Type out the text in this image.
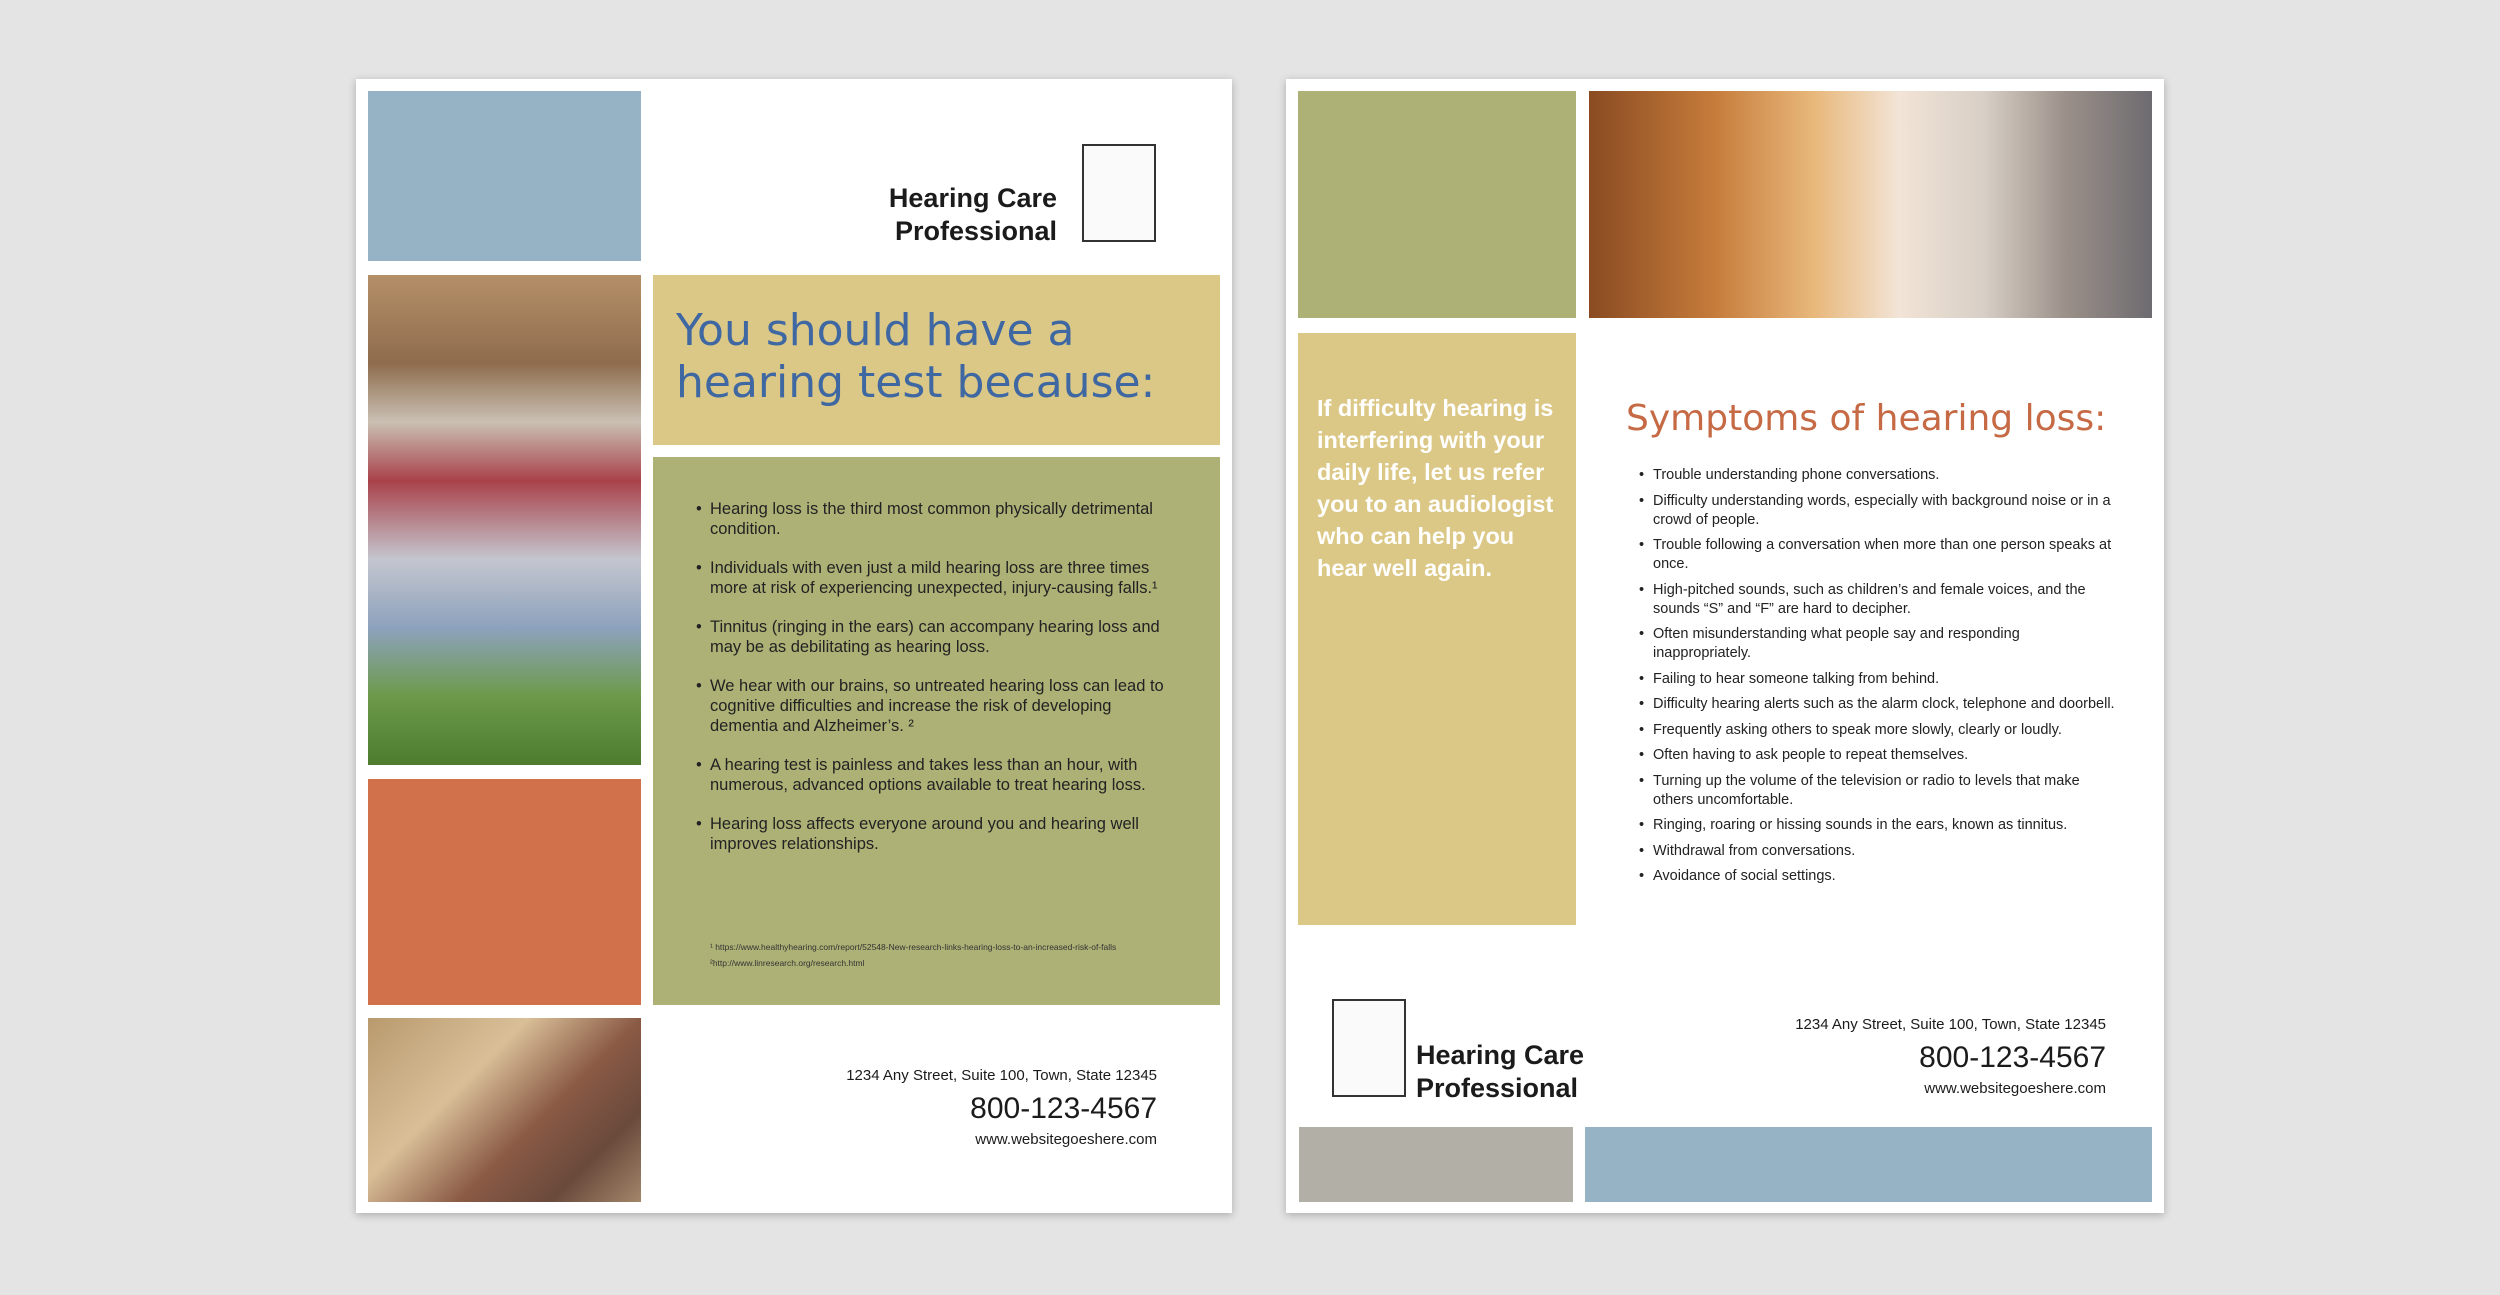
Hearing Care
Professional
You should have a hearing test because:
• Hearing loss is the third most common physically detrimental condition.
• Individuals with even just a mild hearing loss are three times more at risk of experiencing unexpected, injury-causing falls.¹
• Tinnitus (ringing in the ears) can accompany hearing loss and may be as debilitating as hearing loss.
• We hear with our brains, so untreated hearing loss can lead to cognitive difficulties and increase the risk of developing dementia and Alzheimer’s. ²
• A hearing test is painless and takes less than an hour, with numerous, advanced options available to treat hearing loss.
• Hearing loss affects everyone around you and hearing well improves relationships.
¹ https://www.healthyhearing.com/report/52548-New-research-links-hearing-loss-to-an-increased-risk-of-falls
²http://www.linresearch.org/research.html
1234 Any Street, Suite 100, Town, State 12345
800-123-4567
www.websitegoeshere.com
If difficulty hearing is interfering with your daily life, let us refer you to an audiologist who can help you hear well again.
Symptoms of hearing loss:
• Trouble understanding phone conversations.
• Difficulty understanding words, especially with background noise or in a crowd of people.
• Trouble following a conversation when more than one person speaks at once.
• High-pitched sounds, such as children’s and female voices, and the sounds “S” and “F” are hard to decipher.
• Often misunderstanding what people say and responding inappropriately.
• Failing to hear someone talking from behind.
• Difficulty hearing alerts such as the alarm clock, telephone and doorbell.
• Frequently asking others to speak more slowly, clearly or loudly.
• Often having to ask people to repeat themselves.
• Turning up the volume of the television or radio to levels that make others uncomfortable.
• Ringing, roaring or hissing sounds in the ears, known as tinnitus.
• Withdrawal from conversations.
• Avoidance of social settings.
Hearing Care
Professional
1234 Any Street, Suite 100, Town, State 12345
800-123-4567
www.websitegoeshere.com
